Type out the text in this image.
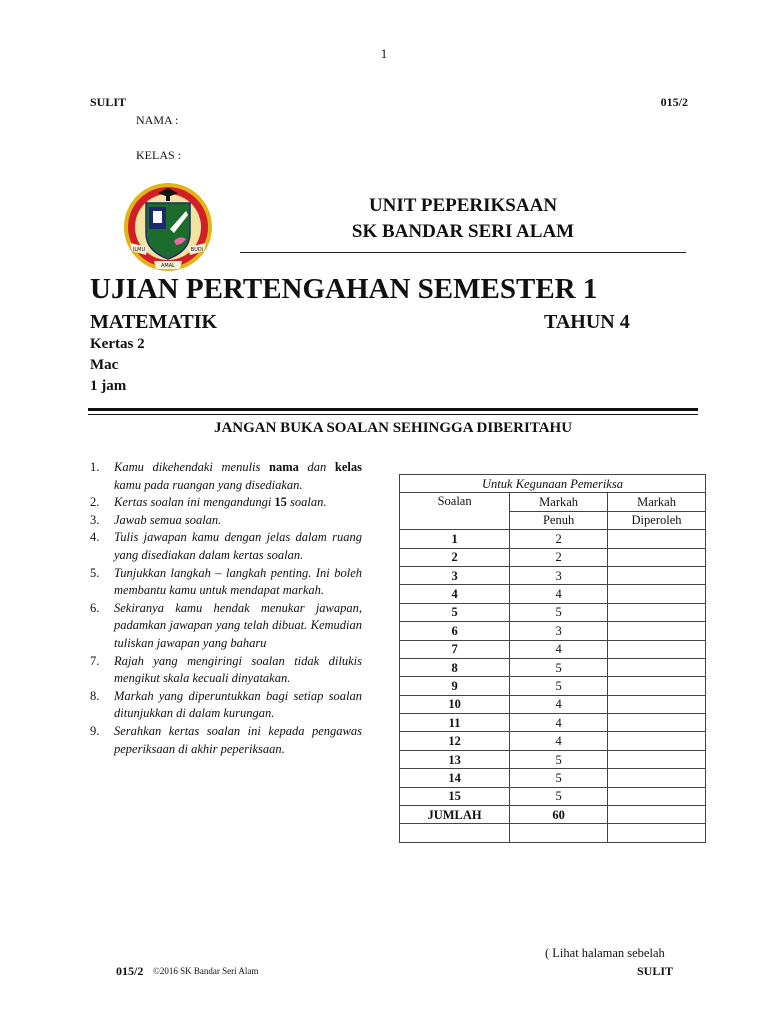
1
SULIT	015/2
NAMA :
KELAS :
ILMU	BUDI
AMAL
UNIT PEPERIKSAAN
SK BANDAR SERI ALAM
UJIAN PERTENGAHAN SEMESTER 1
MATEMATIK	TAHUN 4
Kertas 2
Mac
1 jam
JANGAN BUKA SOALAN SEHINGGA DIBERITAHU
1.	Kamu dikehendaki menulis nama dan kelas kamu pada ruangan yang disediakan.
2.	Kertas soalan ini mengandungi 15 soalan.
3.	Jawab semua soalan.
4.	Tulis jawapan kamu dengan jelas dalam ruang yang disediakan dalam kertas soalan.
5.	Tunjukkan langkah – langkah penting. Ini boleh membantu kamu untuk mendapat markah.
6.	Sekiranya kamu hendak menukar jawapan, padamkan jawapan yang telah dibuat. Kemudian tuliskan jawapan yang baharu
7.	Rajah yang mengiringi soalan tidak dilukis mengikut skala kecuali dinyatakan.
8.	Markah yang diperuntukkan bagi setiap soalan ditunjukkan di dalam kurungan.
9.	Serahkan kertas soalan ini kepada pengawas peperiksaan di akhir peperiksaan.
Untuk Kegunaan Pemeriksa		
Soalan	Markah	Markah
	Penuh	Diperoleh
1	2	
2	2	
3	3	
4	4	
5	5	
6	3	
7	4	
8	5	
9	5	
10	4	
11	4	
12	4	
13	5	
14	5	
15	5	
JUMLAH	60	

( Lihat halaman sebelah
015/2 ©2016 SK Bandar Seri Alam	SULIT
